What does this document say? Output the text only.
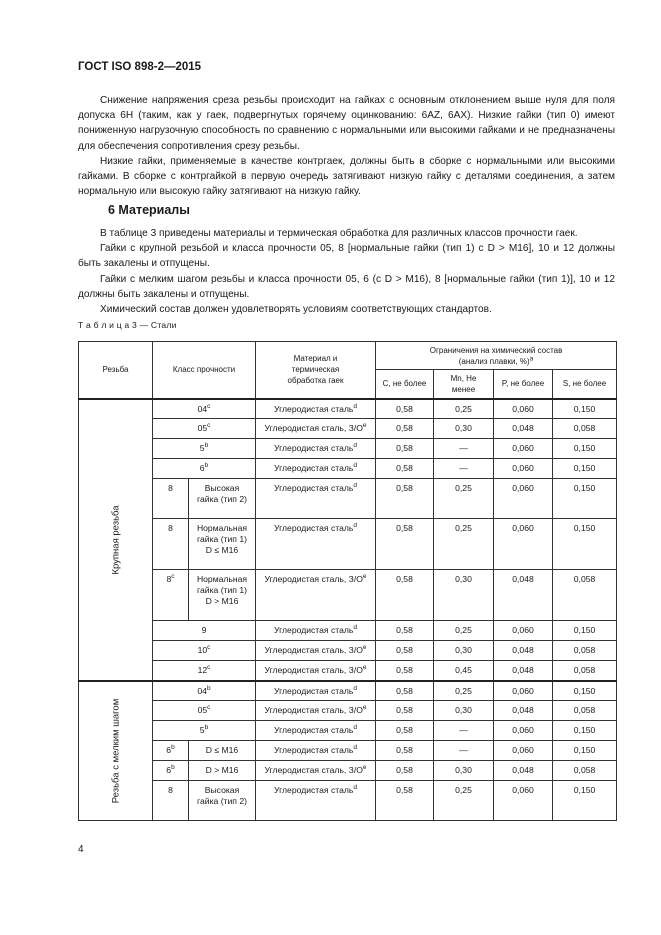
ГОСТ ISO 898-2—2015

Снижение напряжения среза резьбы происходит на гайках с основным отклонением выше нуля для поля допуска 6H (таким, как у гаек, подвергнутых горячему оцинкованию: 6AZ, 6AX). Низкие гайки (тип 0) имеют пониженную нагрузочную способность по сравнению с нормальными или высокими гайками и не предназначены для обеспечения сопротивления срезу резьбы.

Низкие гайки, применяемые в качестве контргаек, должны быть в сборке с нормальными или высокими гайками. В сборке с контргайкой в первую очередь затягивают низкую гайку с деталями соединения, а затем нормальную или высокую гайку затягивают на низкую гайку.

6 Материалы

В таблице 3 приведены материалы и термическая обработка для различных классов прочности гаек.

Гайки с крупной резьбой и класса прочности 05, 8 [нормальные гайки (тип 1) с D > M16], 10 и 12 должны быть закалены и отпущены.

Гайки с мелким шагом резьбы и класса прочности 05, 6 (с D > M16), 8 [нормальные гайки (тип 1)], 10 и 12 должны быть закалены и отпущены.

Химический состав должен удовлетворять условиям соответствующих стандартов.

Т а б л и ц а 3 — Стали
Резьба	Класс прочности		Материал и термическая обработка гаек	Ограничения на химический состав (анализ плавки, %)$^а$
				C, не более	Mn, Не менее	P, не более	S, не более

Крупная резьба	04$^c$		Углеродистая сталь$^d$	0,58	0,25	0,060	0,150
	05$^c$		Углеродистая сталь, $З/О^e$	0,58	0,30	0,048	0,058
	5$^b$		Углеродистая сталь$^d$	0,58	—	0,060	0,150
	6$^b$		Углеродистая сталь$^d$	0,58	—	0,060	0,150
	8	Высокая гайка (тип 2)	Углеродистая сталь$^d$	0,58	0,25	0,060	0,150
	8	Нормальная гайка (тип 1) D ≤ M16	Углеродистая сталь$^d$	0,58	0,25	0,060	0,150
	8$^c$	Нормальная гайка (тип 1) D > M16	Углеродистая сталь, $З/О^e$	0,58	0,30	0,048	0,058
	9		Углеродистая сталь$^d$	0,58	0,25	0,060	0,150
	10$^c$		Углеродистая сталь, $З/О^e$	0,58	0,30	0,048	0,058
	12$^c$		Углеродистая сталь, $З/О^e$	0,58	0,45	0,048	0,058

Резьба с мелким шагом	04$^b$		Углеродистая сталь$^d$	0,58	0,25	0,060	0,150
	05$^c$		Углеродистая сталь, $З/О^e$	0,58	0,30	0,048	0,058
	5$^b$		Углеродистая сталь$^d$	0,58	—	0,060	0,150
	6$^b$	D ≤ M16	Углеродистая сталь$^d$	0,58	—	0,060	0,150
	6$^b$	D > M16	Углеродистая сталь, $З/О^e$	0,58	0,30	0,048	0,058
	8	Высокая гайка (тип 2)	Углеродистая сталь$^d$	0,58	0,25	0,060	0,150
4
